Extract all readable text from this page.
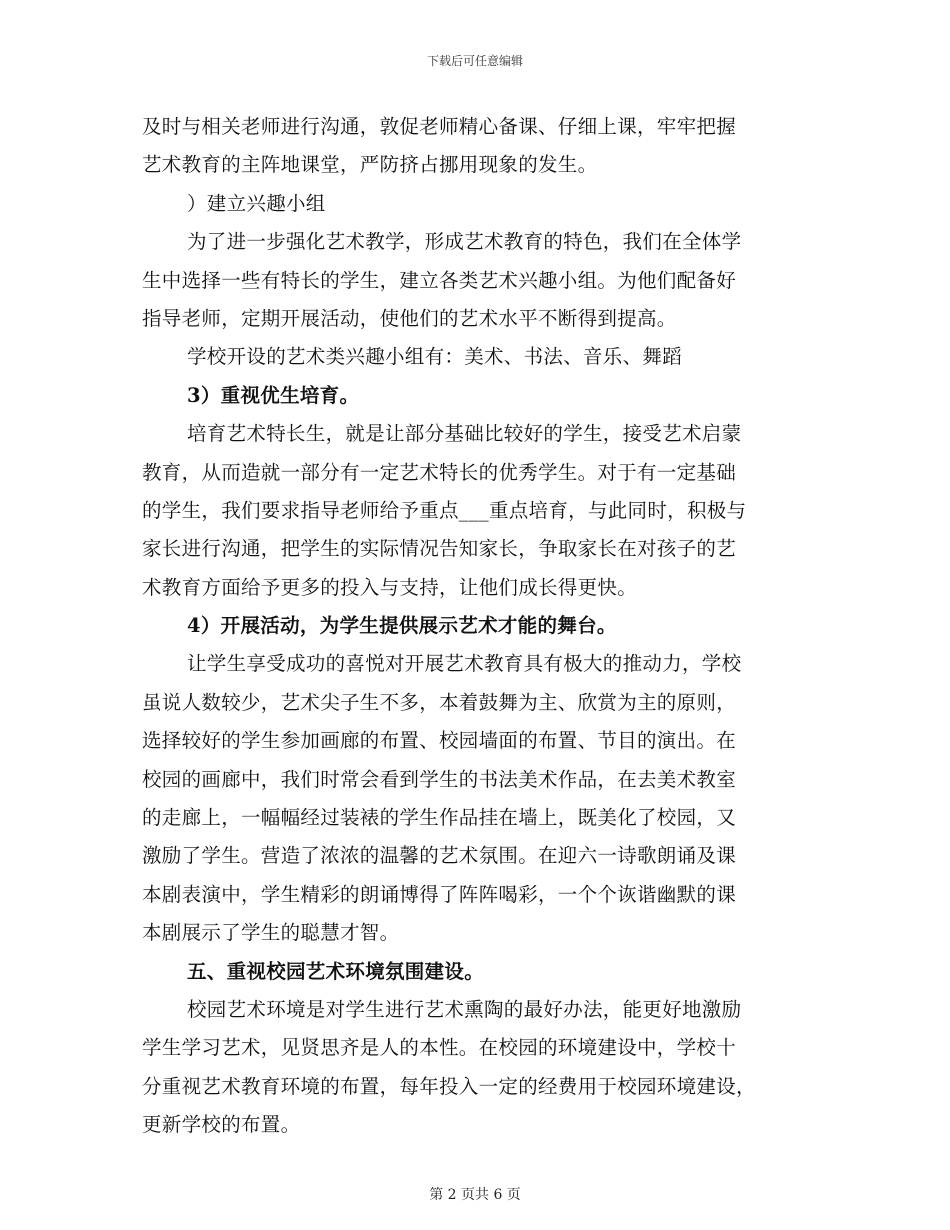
下载后可任意编辑
及时与相关老师进行沟通，敦促老师精心备课、仔细上课，牢牢把握
艺术教育的主阵地课堂，严防挤占挪用现象的发生。
）建立兴趣小组
为了进一步强化艺术教学，形成艺术教育的特色，我们在全体学
生中选择一些有特长的学生，建立各类艺术兴趣小组。为他们配备好
指导老师，定期开展活动，使他们的艺术水平不断得到提高。
学校开设的艺术类兴趣小组有：美术、书法、音乐、舞蹈
3）重视优生培育。
培育艺术特长生，就是让部分基础比较好的学生，接受艺术启蒙
教育，从而造就一部分有一定艺术特长的优秀学生。对于有一定基础
的学生，我们要求指导老师给予重点___重点培育，与此同时，积极与
家长进行沟通，把学生的实际情况告知家长，争取家长在对孩子的艺
术教育方面给予更多的投入与支持，让他们成长得更快。
4）开展活动，为学生提供展示艺术才能的舞台。
让学生享受成功的喜悦对开展艺术教育具有极大的推动力，学校
虽说人数较少，艺术尖子生不多，本着鼓舞为主、欣赏为主的原则，
选择较好的学生参加画廊的布置、校园墙面的布置、节目的演出。在
校园的画廊中，我们时常会看到学生的书法美术作品，在去美术教室
的走廊上，一幅幅经过装裱的学生作品挂在墙上，既美化了校园，又
激励了学生。营造了浓浓的温馨的艺术氛围。在迎六一诗歌朗诵及课
本剧表演中，学生精彩的朗诵博得了阵阵喝彩，一个个诙谐幽默的课
本剧展示了学生的聪慧才智。
五、重视校园艺术环境氛围建设。
校园艺术环境是对学生进行艺术熏陶的最好办法，能更好地激励
学生学习艺术，见贤思齐是人的本性。在校园的环境建设中，学校十
分重视艺术教育环境的布置，每年投入一定的经费用于校园环境建设，
更新学校的布置。
第 2 页共 6 页
